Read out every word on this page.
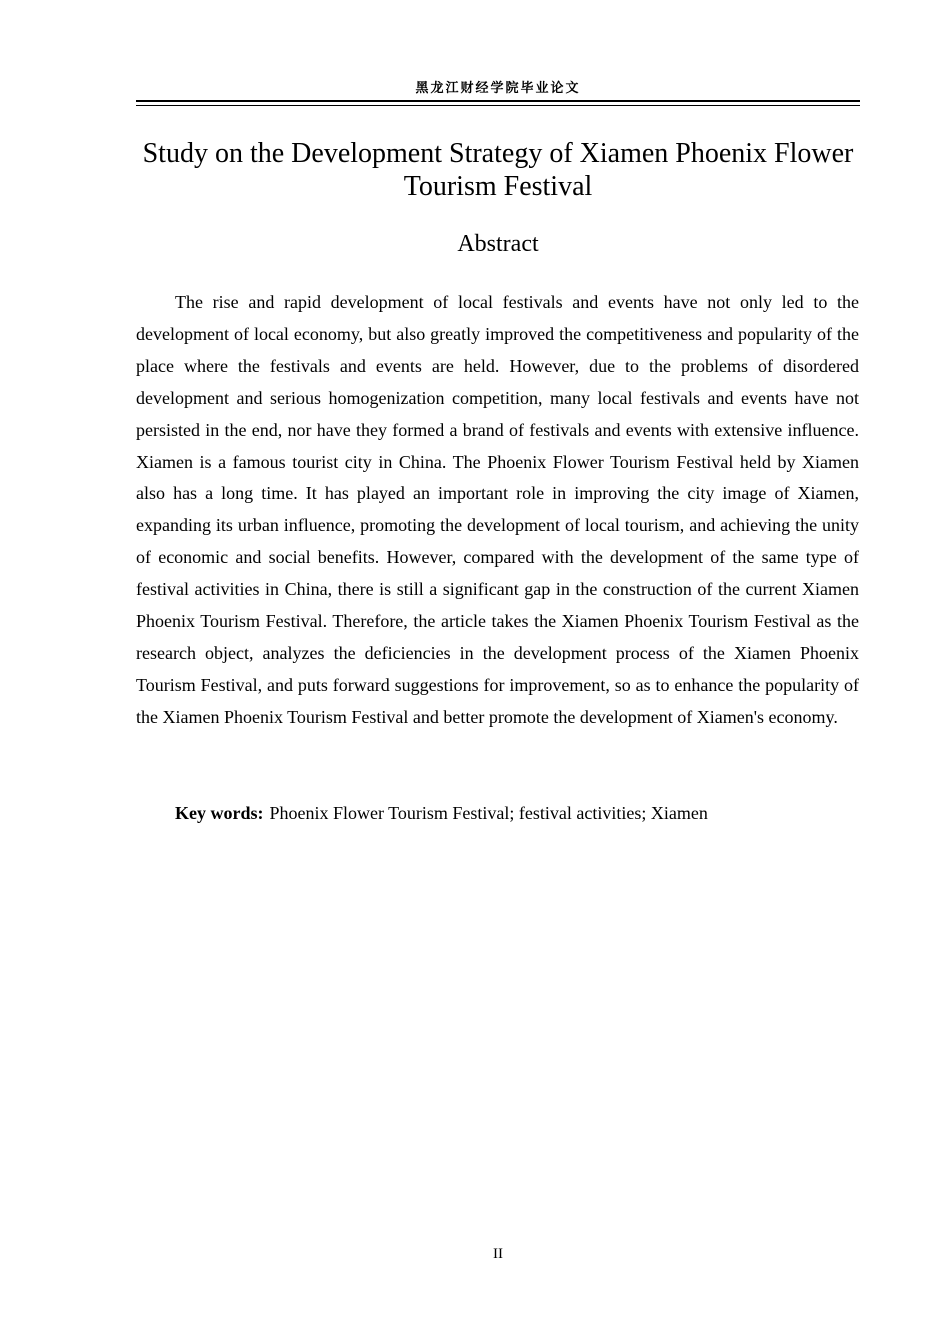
黑龙江财经学院毕业论文
Study on the Development Strategy of Xiamen Phoenix Flower Tourism Festival
Abstract

The rise and rapid development of local festivals and events have not only led to the development of local economy, but also greatly improved the competitiveness and popularity of the place where the festivals and events are held. However, due to the problems of disordered development and serious homogenization competition, many local festivals and events have not persisted in the end, nor have they formed a brand of festivals and events with extensive influence. Xiamen is a famous tourist city in China. The Phoenix Flower Tourism Festival held by Xiamen also has a long time. It has played an important role in improving the city image of Xiamen, expanding its urban influence, promoting the development of local tourism, and achieving the unity of economic and social benefits. However, compared with the development of the same type of festival activities in China, there is still a significant gap in the construction of the current Xiamen Phoenix Tourism Festival. Therefore, the article takes the Xiamen Phoenix Tourism Festival as the research object, analyzes the deficiencies in the development process of the Xiamen Phoenix Tourism Festival, and puts forward suggestions for improvement, so as to enhance the popularity of the Xiamen Phoenix Tourism Festival and better promote the development of Xiamen's economy.

Key words: Phoenix Flower Tourism Festival; festival activities; Xiamen

II
